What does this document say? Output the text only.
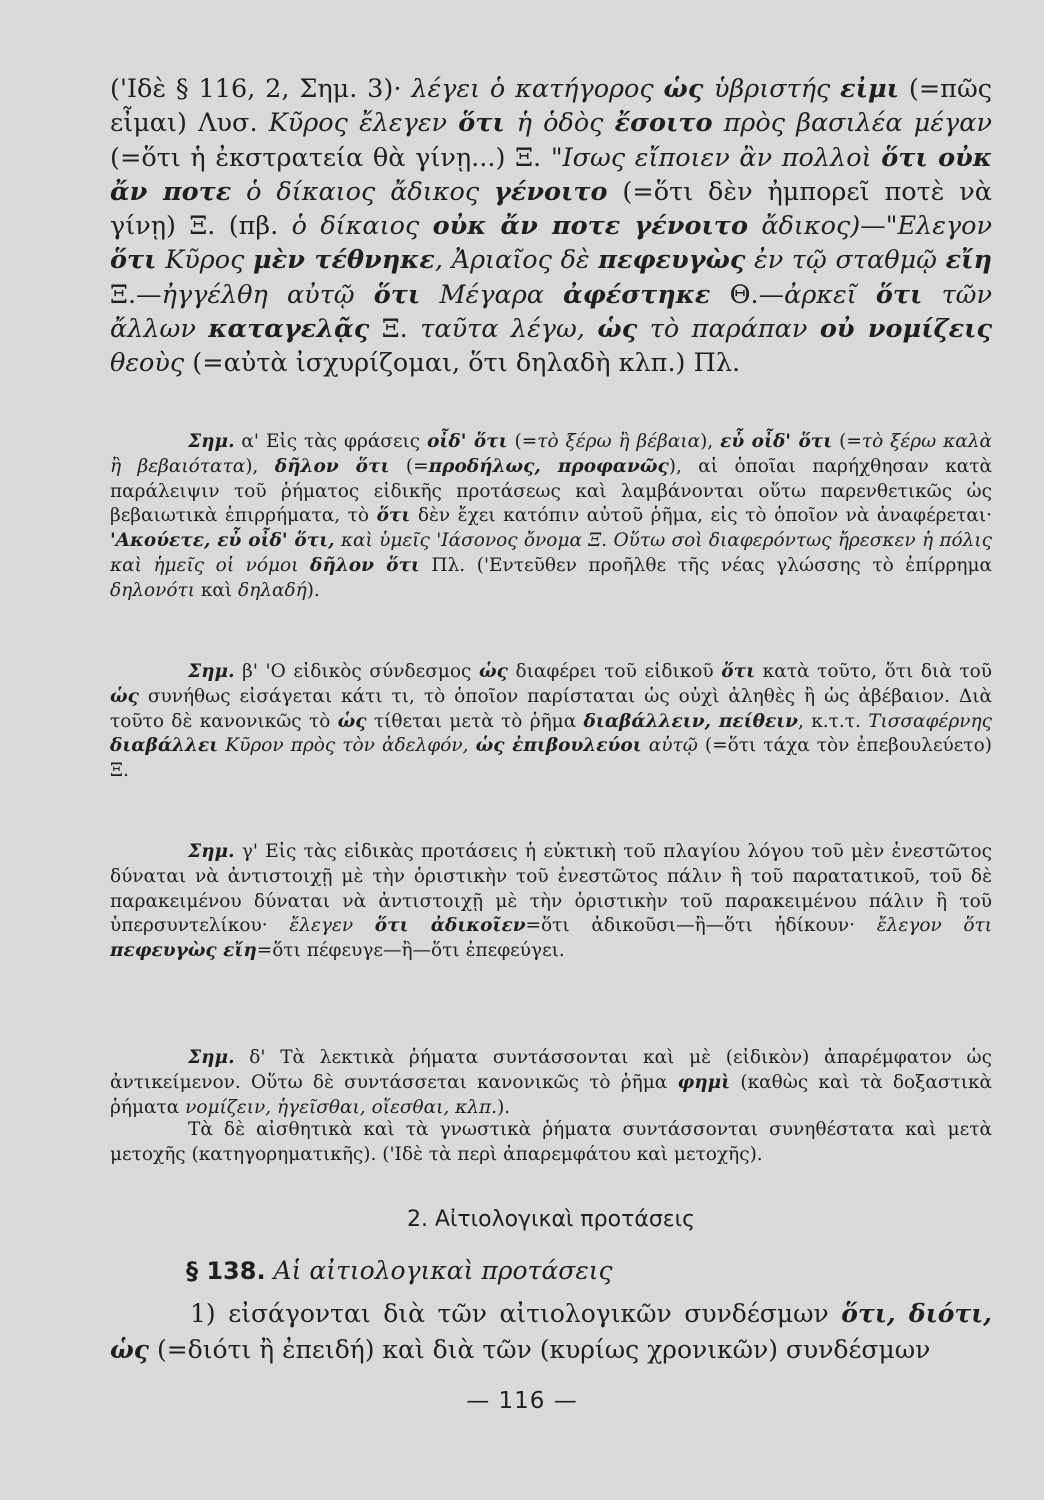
('Ιδὲ § 116, 2, Σημ. 3)· λέγει ὁ κατήγορος ὡς ὑβριστής εἰμι (=πῶς εἶμαι) Λυσ. Κῦρος ἔλεγεν ὅτι ἡ ὁδὸς ἔσοιτο πρὸς βασιλέα μέγαν (=ὅτι ἡ ἐκστρατεία θὰ γίνῃ...) Ξ. "Ισως εἴποιεν ἂν πολλοὶ ὅτι οὐκ ἄν ποτε ὁ δίκαιος ἄδικος γένοιτο (=ὅτι δὲν ἠμπορεῖ ποτὲ νὰ γίνῃ) Ξ. (πβ. ὁ δίκαιος οὐκ ἄν ποτε γένοιτο ἄδικος)—"Ελεγον ὅτι Κῦρος μὲν τέθνηκε, Ἀριαῖος δὲ πεφευγὼς ἐν τῷ σταθμῷ εἴη Ξ.—ἠγγέλθη αὐτῷ ὅτι Μέγαρα ἀφέστηκε Θ.—ἀρκεῖ ὅτι τῶν ἄλλων καταγελᾷς Ξ. ταῦτα λέγω, ὡς τὸ παράπαν οὐ νομίζεις θεοὺς (=αὐτὰ ἰσχυρίζομαι, ὅτι δηλαδὴ κλπ.) Πλ.

Σημ. α' Εἰς τὰς φράσεις οἶδ' ὅτι (=τὸ ξέρω ἢ βέβαια), εὖ οἶδ' ὅτι (=τὸ ξέρω καλὰ ἢ βεβαιότατα), δῆλον ὅτι (=προδήλως, προφανῶς), αἱ ὁποῖαι παρήχθησαν κατὰ παράλειψιν τοῦ ῥήματος εἰδικῆς προτάσεως καὶ λαμβάνονται οὕτω παρενθετικῶς ὡς βεβαιωτικὰ ἐπιρρήματα, τὸ ὅτι δὲν ἔχει κατόπιν αὐτοῦ ῥῆμα, εἰς τὸ ὁποῖον νὰ ἀναφέρεται· 'Ακούετε, εὖ οἶδ' ὅτι, καὶ ὑμεῖς 'Ιάσονος ὄνομα Ξ. Οὕτω σοὶ διαφερόντως ἤρεσκεν ἡ πόλις καὶ ἡμεῖς οἱ νόμοι δῆλον ὅτι Πλ. ('Εντεῦθεν προῆλθε τῆς νέας γλώσσης τὸ ἐπίρρημα δηλονότι καὶ δηλαδή).

Σημ. β' 'Ο εἰδικὸς σύνδεσμος ὡς διαφέρει τοῦ εἰδικοῦ ὅτι κατὰ τοῦτο, ὅτι διὰ τοῦ ὡς συνήθως εἰσάγεται κάτι τι, τὸ ὁποῖον παρίσταται ὡς οὐχὶ ἀληθὲς ἢ ὡς ἀβέβαιον. Διὰ τοῦτο δὲ κανονικῶς τὸ ὡς τίθεται μετὰ τὸ ῥῆμα διαβάλλειν, πείθειν, κ.τ.τ. Τισσαφέρνης διαβάλλει Κῦρον πρὸς τὸν ἀδελφόν, ὡς ἐπιβουλεύοι αὐτῷ (=ὅτι τάχα τὸν ἐπεβουλεύετο) Ξ.

Σημ. γ' Εἰς τὰς εἰδικὰς προτάσεις ἡ εὐκτικὴ τοῦ πλαγίου λόγου τοῦ μὲν ἐνεστῶτος δύναται νὰ ἀντιστοιχῇ μὲ τὴν ὁριστικὴν τοῦ ἐνεστῶτος πάλιν ἢ τοῦ παρατατικοῦ, τοῦ δὲ παρακειμένου δύναται νὰ ἀντιστοιχῇ μὲ τὴν ὁριστικὴν τοῦ παρακειμένου πάλιν ἢ τοῦ ὑπερσυντελίκου· ἔλεγεν ὅτι ἀδικοῖεν=ὅτι ἀδικοῦσι—ἢ—ὅτι ἠδίκουν· ἔλεγον ὅτι πεφευγὼς εἴη=ὅτι πέφευγε—ἢ—ὅτι ἐπεφεύγει.

Σημ. δ' Τὰ λεκτικὰ ῥήματα συντάσσονται καὶ μὲ (εἰδικὸν) ἀπαρέμφατον ὡς ἀντικείμενον. Οὕτω δὲ συντάσσεται κανονικῶς τὸ ῥῆμα φημὶ (καθὼς καὶ τὰ δοξαστικὰ ῥήματα νομίζειν, ἡγεῖσθαι, οἴεσθαι, κλπ.).

Τὰ δὲ αἰσθητικὰ καὶ τὰ γνωστικὰ ῥήματα συντάσσονται συνηθέστατα καὶ μετὰ μετοχῆς (κατηγορηματικῆς). ('Ιδὲ τὰ περὶ ἀπαρεμφάτου καὶ μετοχῆς).

2. Αἰτιολογικαὶ προτάσεις
§ 138. Αἱ αἰτιολογικαὶ προτάσεις

1) εἰσάγονται διὰ τῶν αἰτιολογικῶν συνδέσμων ὅτι, διότι, ὡς (=διότι ἢ ἐπειδή) καὶ διὰ τῶν (κυρίως χρονικῶν) συνδέσμων

— 116 —
